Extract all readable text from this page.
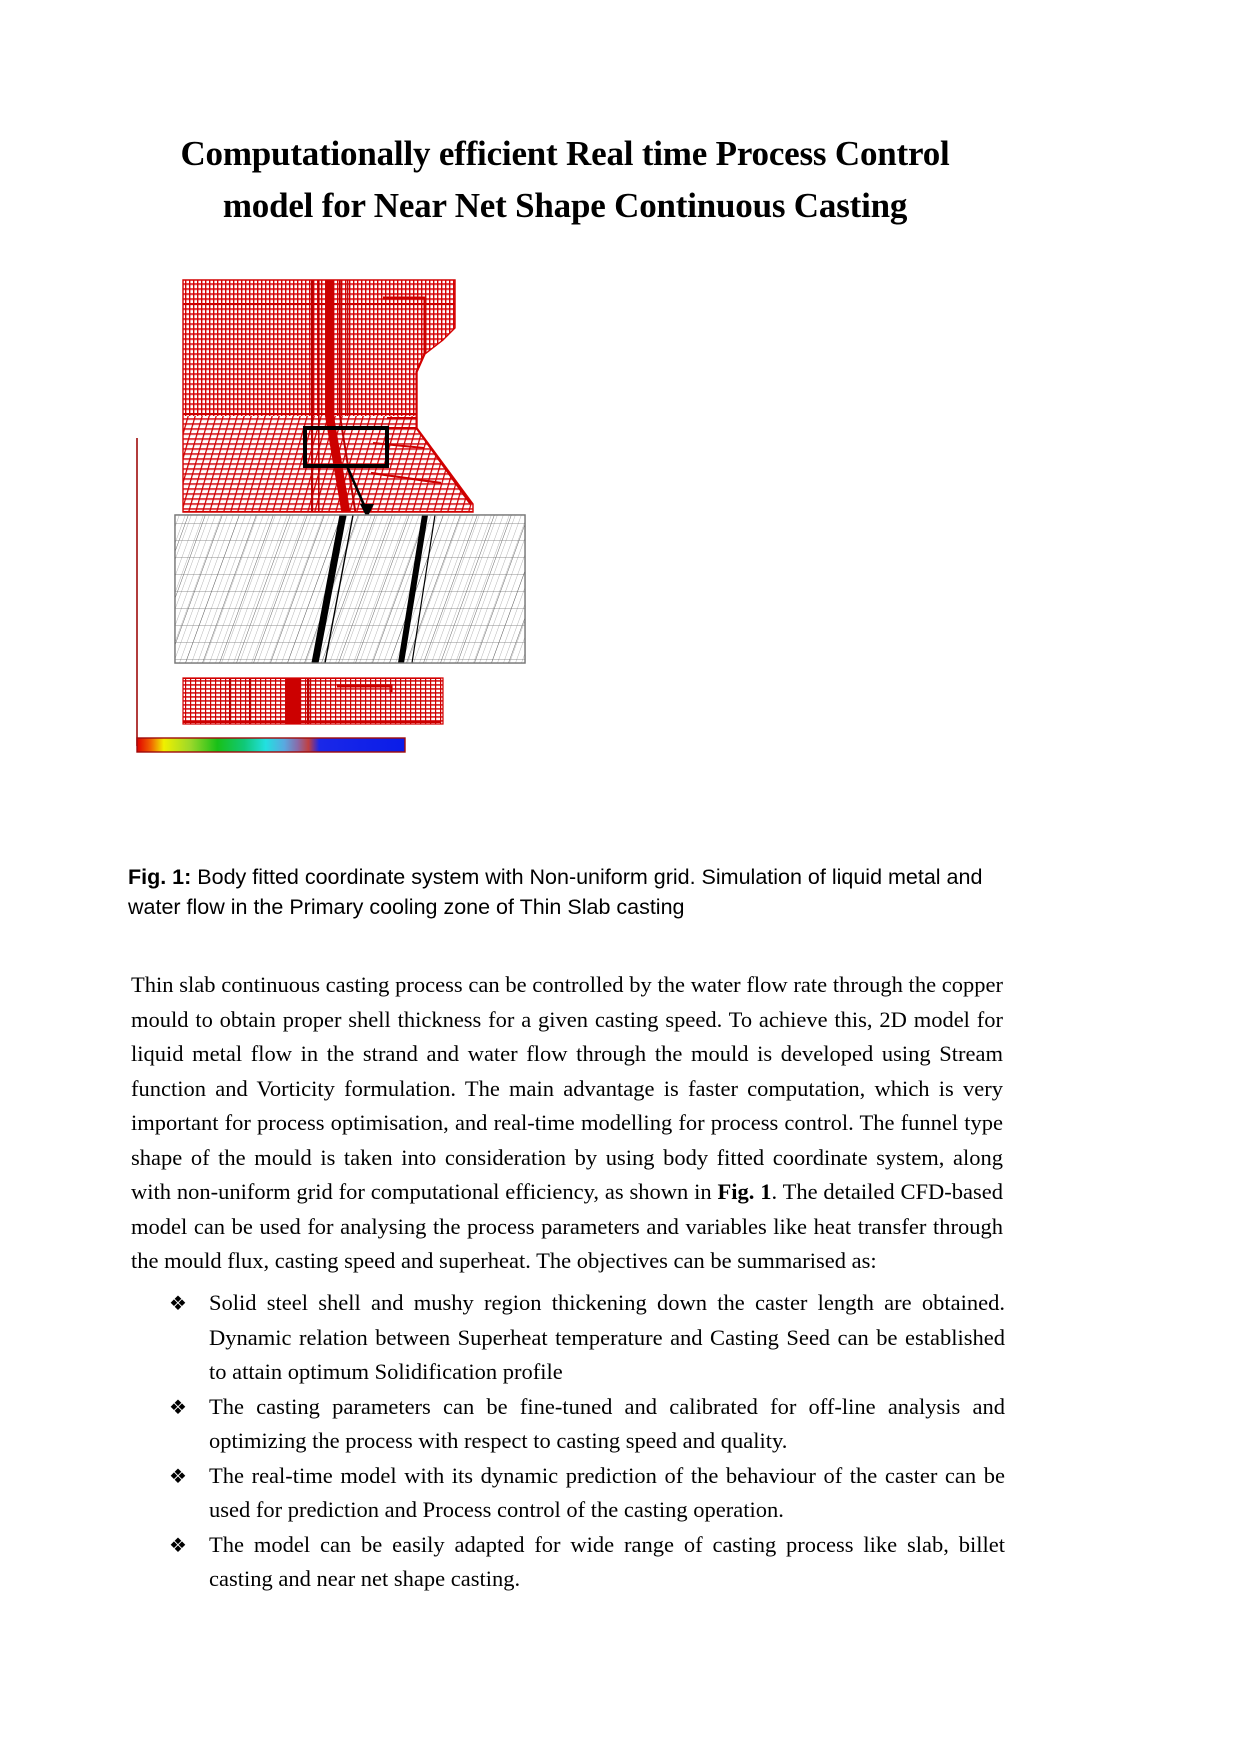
Computationally efficient Real time Process Control
model for Near Net Shape Continuous Casting
Fig. 1: Body fitted coordinate system with Non-uniform grid. Simulation of liquid metal and water flow in the Primary cooling zone of Thin Slab casting
Thin slab continuous casting process can be controlled by the water flow rate through the copper mould to obtain proper shell thickness for a given casting speed. To achieve this, 2D model for liquid metal flow in the strand and water flow through the mould is developed using Stream function and Vorticity formulation. The main advantage is faster computation, which is very important for process optimisation, and real-time modelling for process control. The funnel type shape of the mould is taken into consideration by using body fitted coordinate system, along with non-uniform grid for computational efficiency, as shown in Fig. 1. The detailed CFD-based model can be used for analysing the process parameters and variables like heat transfer through the mould flux, casting speed and superheat. The objectives can be summarised as:
❖ Solid steel shell and mushy region thickening down the caster length are obtained. Dynamic relation between Superheat temperature and Casting Seed can be established to attain optimum Solidification profile
❖ The casting parameters can be fine-tuned and calibrated for off-line analysis and optimizing the process with respect to casting speed and quality.
❖ The real-time model with its dynamic prediction of the behaviour of the caster can be used for prediction and Process control of the casting operation.
❖ The model can be easily adapted for wide range of casting process like slab, billet casting and near net shape casting.
